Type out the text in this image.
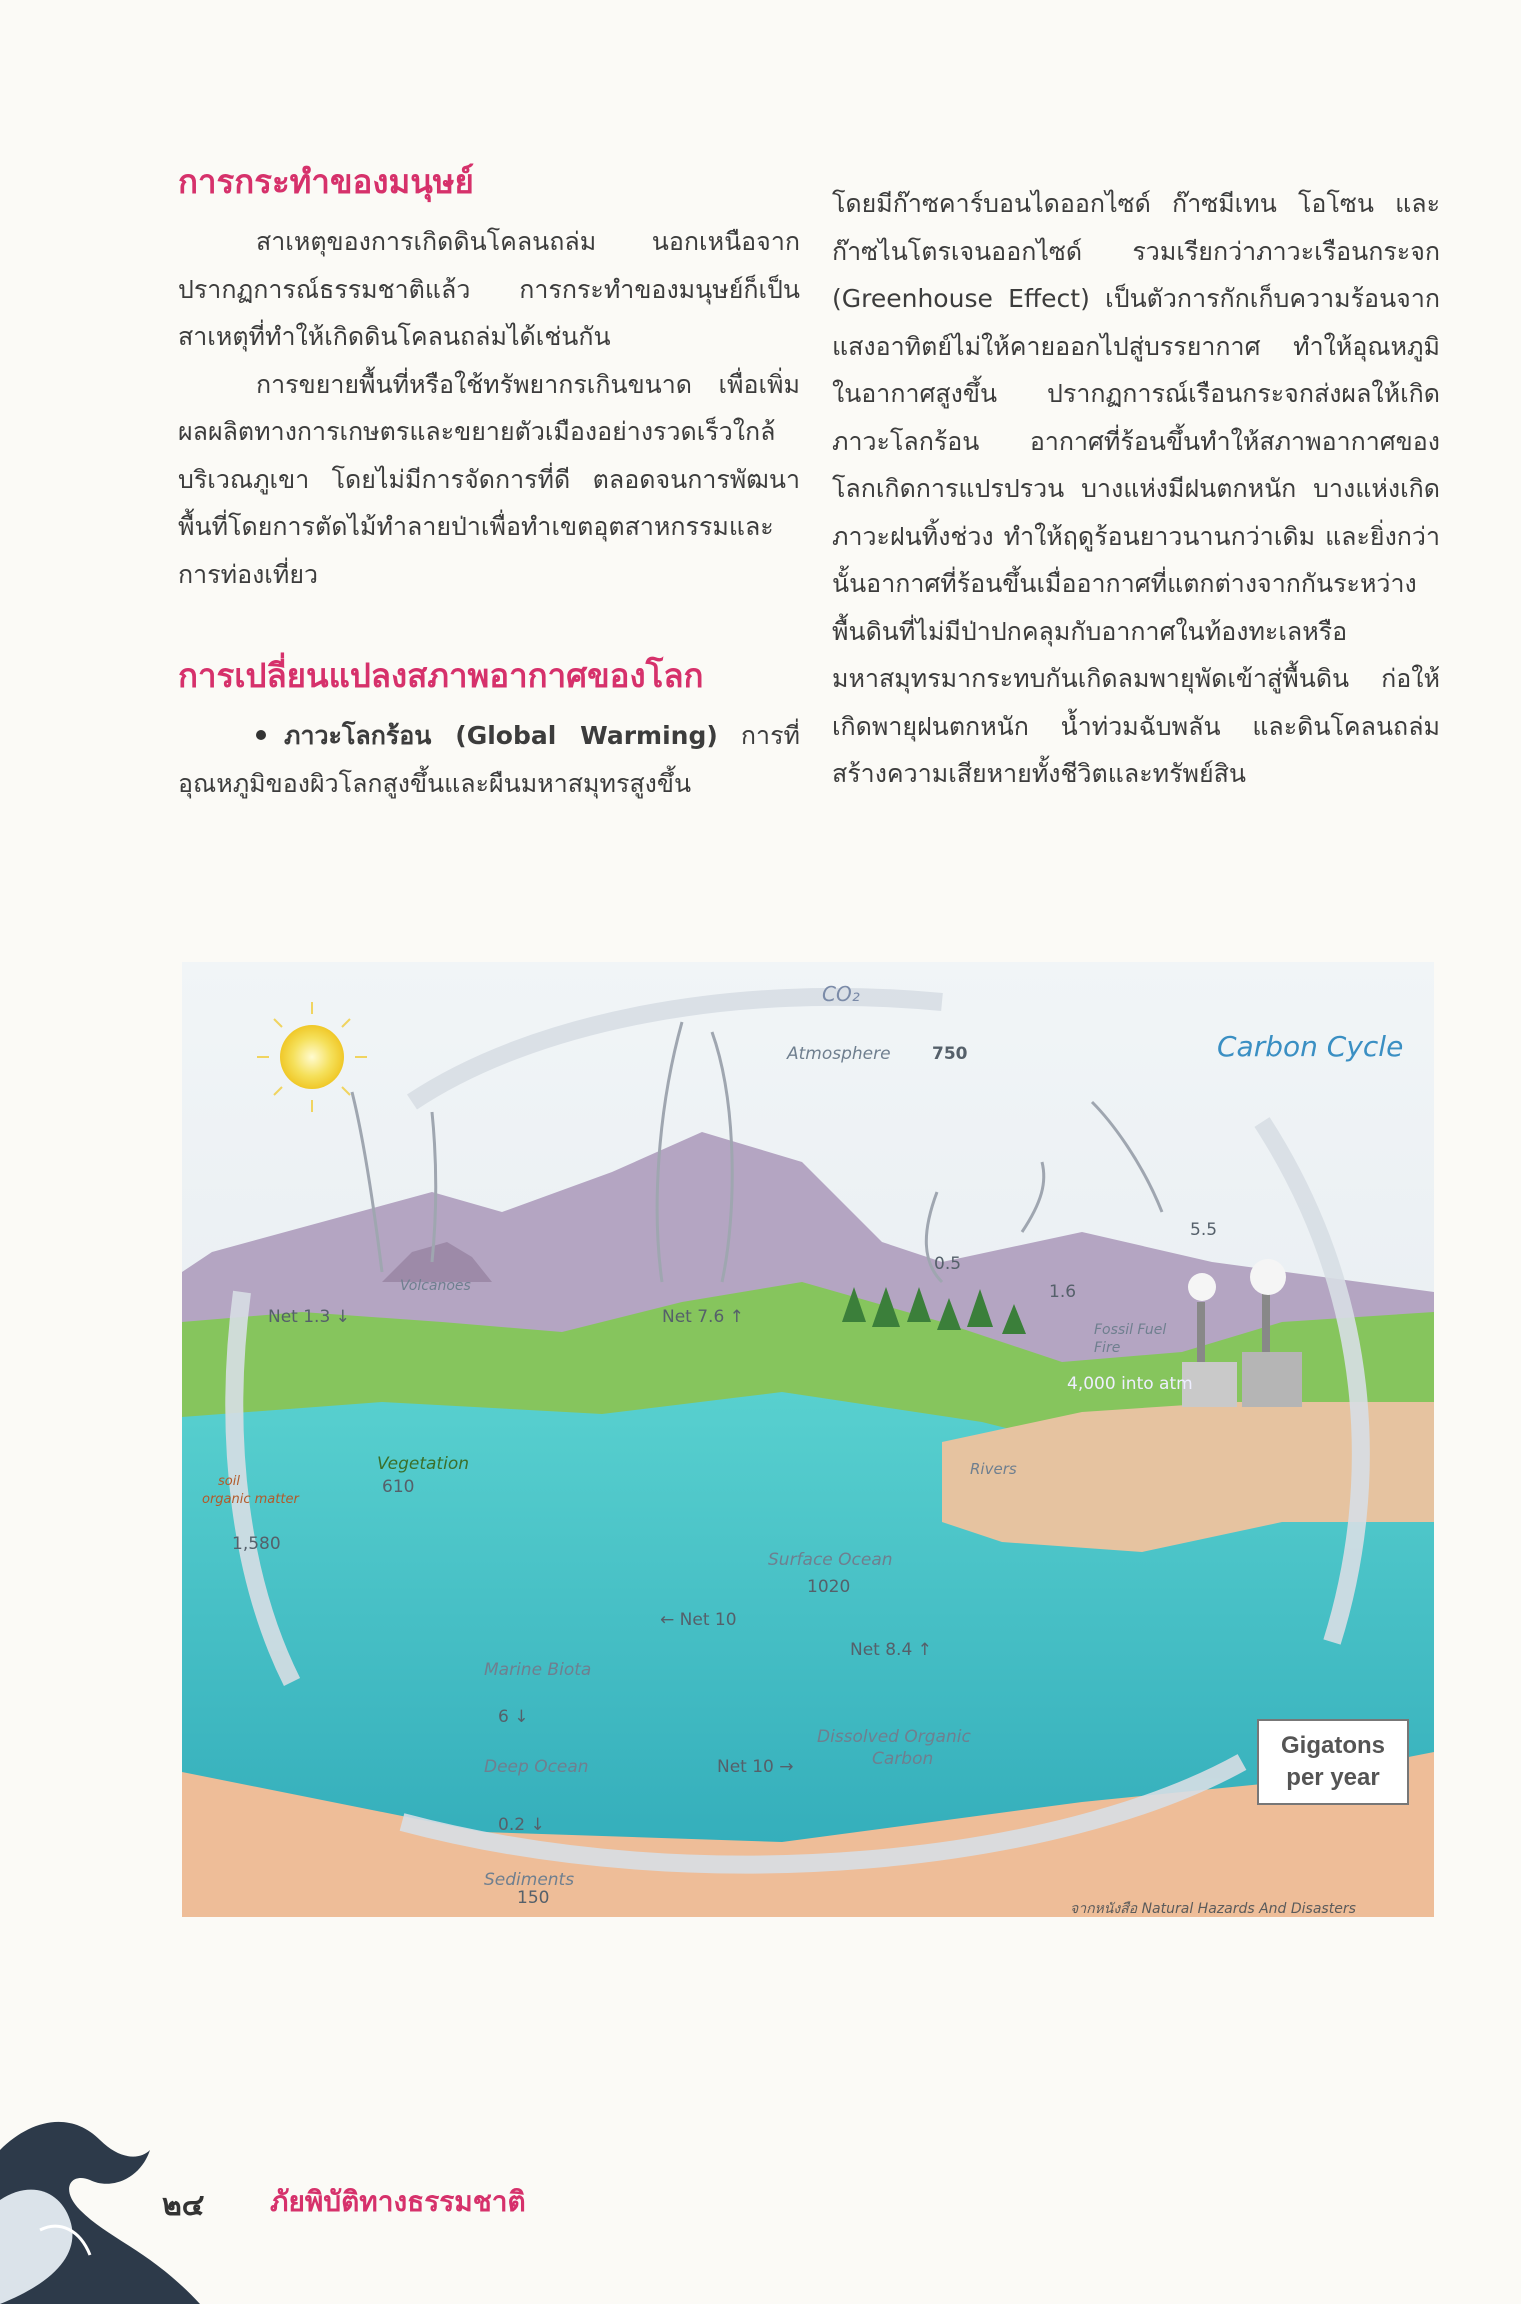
การกระทำของมนุษย์

สาเหตุของการเกิดดินโคลนถล่ม นอกเหนือจากปรากฏการณ์ธรรมชาติแล้ว การกระทำของมนุษย์ก็เป็นสาเหตุที่ทำให้เกิดดินโคลนถล่มได้เช่นกัน

การขยายพื้นที่หรือใช้ทรัพยากรเกินขนาด เพื่อเพิ่มผลผลิตทางการเกษตรและขยายตัวเมืองอย่างรวดเร็วใกล้บริเวณภูเขา โดยไม่มีการจัดการที่ดี ตลอดจนการพัฒนาพื้นที่โดยการตัดไม้ทำลายป่าเพื่อทำเขตอุตสาหกรรมและการท่องเที่ยว

การเปลี่ยนแปลงสภาพอากาศของโลก

ภาวะโลกร้อน (Global Warming) การที่อุณหภูมิของผิวโลกสูงขึ้นและผืนมหาสมุทรสูงขึ้น

โดยมีก๊าซคาร์บอนไดออกไซด์ ก๊าซมีเทน โอโซน และก๊าซไนโตรเจนออกไซด์ รวมเรียกว่าภาวะเรือนกระจก (Greenhouse Effect) เป็นตัวการกักเก็บความร้อนจากแสงอาทิตย์ไม่ให้คายออกไปสู่บรรยากาศ ทำให้อุณหภูมิในอากาศสูงขึ้น ปรากฏการณ์เรือนกระจกส่งผลให้เกิดภาวะโลกร้อน อากาศที่ร้อนขึ้นทำให้สภาพอากาศของโลกเกิดการแปรปรวน บางแห่งมีฝนตกหนัก บางแห่งเกิดภาวะฝนทิ้งช่วง ทำให้ฤดูร้อนยาวนานกว่าเดิม และยิ่งกว่านั้นอากาศที่ร้อนขึ้นเมื่ออากาศที่แตกต่างจากกันระหว่างพื้นดินที่ไม่มีป่าปกคลุมกับอากาศในท้องทะเลหรือมหาสมุทรมากระทบกันเกิดลมพายุพัดเข้าสู่พื้นดิน ก่อให้เกิดพายุฝนตกหนัก น้ำท่วมฉับพลัน และดินโคลนถล่ม สร้างความเสียหายทั้งชีวิตและทรัพย์สิน

Carbon Cycle
CO₂
Atmosphere 750
Volcanoes
Net 1.3 ↓	Net 7.6 ↑
0.5
1.6
5.5
Fossil Fuel
Fire
4,000 into atm
Vegetation
610
soil
organic matter
1,580
Rivers
Surface Ocean
1020
← Net 10
Net 8.4 ↑
Marine Biota
6 ↓
Deep Ocean	Net 10 →
Dissolved Organic
Carbon
0.2 ↓
Sediments
150
Gigatons
per year
จากหนังสือ Natural Hazards And Disasters
๒๔ ภัยพิบัติทางธรรมชาติ
